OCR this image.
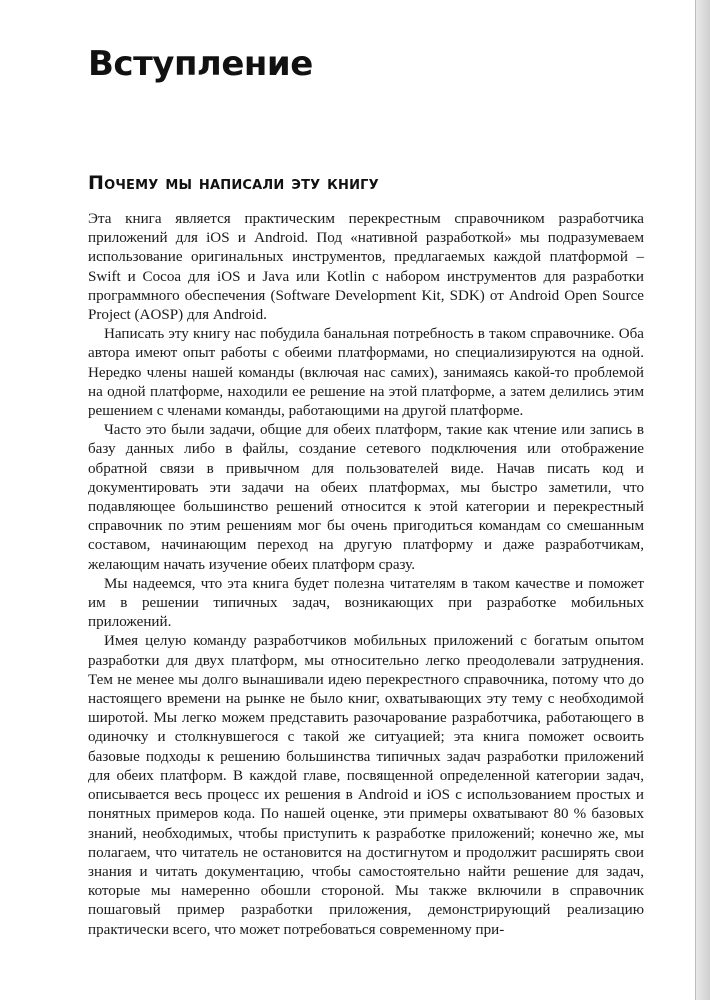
Вступление
Почему мы написали эту книгу

Эта книга является практическим перекрестным справочником разработчика приложений для iOS и Android. Под «нативной разработкой» мы подразумеваем использование оригинальных инструментов, предлагаемых каждой платформой – Swift и Cocoa для iOS и Java или Kotlin с набором инструментов для разработки программного обеспечения (Software Development Kit, SDK) от Android Open Source Project (AOSP) для Android.

Написать эту книгу нас побудила банальная потребность в таком справочнике. Оба автора имеют опыт работы с обеими платформами, но специализируются на одной. Нередко члены нашей команды (включая нас самих), занимаясь какой-то проблемой на одной платформе, находили ее решение на этой платформе, а затем делились этим решением с членами команды, работающими на другой платформе.

Часто это были задачи, общие для обеих платформ, такие как чтение или запись в базу данных либо в файлы, создание сетевого подключения или отображение обратной связи в привычном для пользователей виде. Начав писать код и документировать эти задачи на обеих платформах, мы быстро заметили, что подавляющее большинство решений относится к этой категории и перекрестный справочник по этим решениям мог бы очень пригодиться командам со смешанным составом, начинающим переход на другую платформу и даже разработчикам, желающим начать изучение обеих платформ сразу.

Мы надеемся, что эта книга будет полезна читателям в таком качестве и поможет им в решении типичных задач, возникающих при разработке мобильных приложений.

Имея целую команду разработчиков мобильных приложений с богатым опытом разработки для двух платформ, мы относительно легко преодолевали затруднения. Тем не менее мы долго вынашивали идею перекрестного справочника, потому что до настоящего времени на рынке не было книг, охватывающих эту тему с необходимой широтой. Мы легко можем представить разочарование разработчика, работающего в одиночку и столкнувшегося с такой же ситуацией; эта книга поможет освоить базовые подходы к решению большинства типичных задач разработки приложений для обеих платформ. В каждой главе, посвященной определенной категории задач, описывается весь процесс их решения в Android и iOS с использованием простых и понятных примеров кода. По нашей оценке, эти примеры охватывают 80 % базовых знаний, необходимых, чтобы приступить к разработке приложений; конечно же, мы полагаем, что читатель не остановится на достигнутом и продолжит расширять свои знания и читать документацию, чтобы самостоятельно найти решение для задач, которые мы намеренно обошли стороной. Мы также включили в справочник пошаговый пример разработки приложения, демонстрирующий реализацию практически всего, что может потребоваться современному при-
